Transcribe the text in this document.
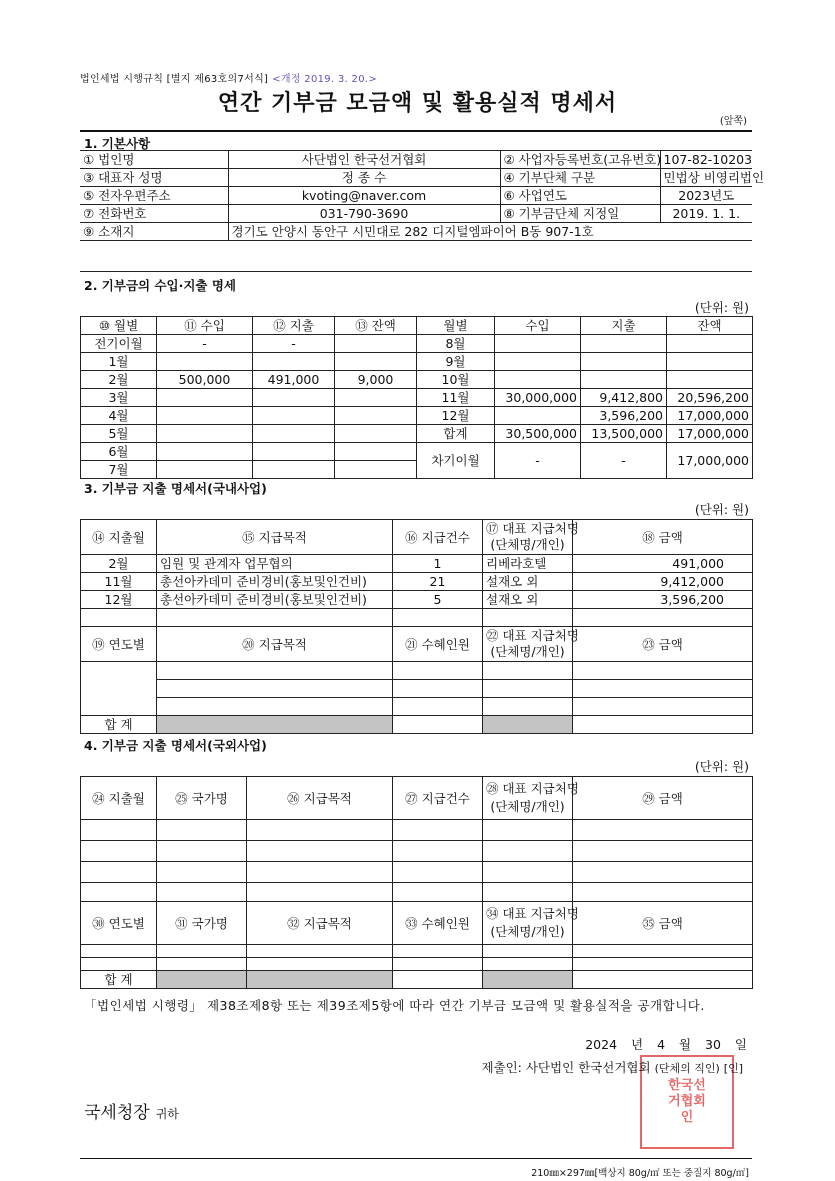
법인세법 시행규칙 [별지 제63호의7서식] <개정 2019. 3. 20.>
연간 기부금 모금액 및 활용실적 명세서
(앞쪽)
1. 기본사항
① 법인명	사단법인 한국선거협회	② 사업자등록번호(고유번호)	107-82-10203
③ 대표자 성명	정 종 수	④ 기부단체 구분	민법상 비영리법인
⑤ 전자우편주소	kvoting@naver.com	⑥ 사업연도	2023년도
⑦ 전화번호	031-790-3690	⑧ 기부금단체 지정일	2019. 1. 1.
⑨ 소재지	경기도 안양시 동안구 시민대로 282 디지털엠파이어 B동 907-1호		

2. 기부금의 수입·지출 명세
(단위: 원)
⑩ 월별	⑪ 수입	⑫ 지출	⑬ 잔액	월별	수입	지출	잔액
전기이월	-	-		8월			
1월				9월			
2월	500,000	491,000	9,000	10월			
3월				11월	30,000,000	9,412,800	20,596,200
4월				12월		3,596,200	17,000,000
5월				합계	30,500,000	13,500,000	17,000,000
6월				차기이월	-	-	17,000,000
7월							
3. 기부금 지출 명세서(국내사업)
(단위: 원)
⑭ 지출월	⑮ 지급목적	⑯ 지급건수	⑰ 대표 지급처명
(단체명/개인)	⑱ 금액
2월	임원 및 관계자 업무협의	1	리베라호텔	491,000
11월	총선아카데미 준비경비(홍보및인건비)	21	설재오 외	9,412,000
12월	총선아카데미 준비경비(홍보및인건비)	5	설재오 외	3,596,200

⑲ 연도별	⑳ 지급목적	㉑ 수혜인원	㉒ 대표 지급처명
(단체명/개인)	㉓ 금액

합 계				
4. 기부금 지출 명세서(국외사업)
(단위: 원)
㉔ 지출월	㉕ 국가명	㉖ 지급목적	㉗ 지급건수	㉘ 대표 지급처명
(단체명/개인)	㉙ 금액

㉚ 연도별	㉛ 국가명	㉜ 지급목적	㉝ 수혜인원	㉞ 대표 지급처명
(단체명/개인)	㉟ 금액

합 계					
「법인세법 시행령」 제38조제8항 또는 제39조제5항에 따라 연간 기부금 모금액 및 활용실적을 공개합니다.
2024 년 4 월 30 일
한국선거협회인
제출인: 사단법인 한국선거협회 (단체의 직인) [인]
국세청장 귀하
210㎜×297㎜[백상지 80g/㎡ 또는 중질지 80g/㎡]
